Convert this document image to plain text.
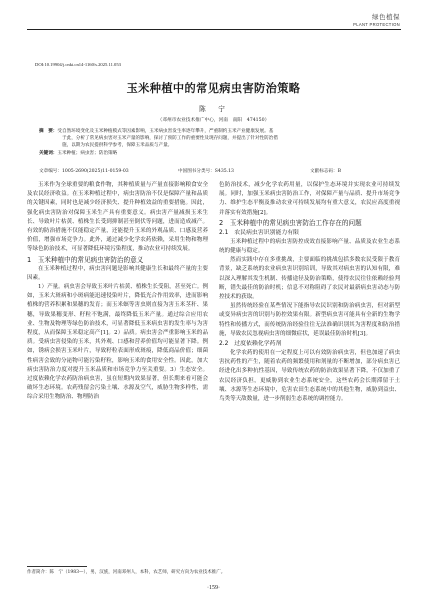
绿色植保
PLANT PROTECTION
DOI:10.19904/j.cnki.cn14-1160/s.2025.11.053
玉米种植中的常见病虫害防治策略
陈　宁
（邓州市农业技术推广中心，河南　南阳　474150）
摘　要：受自然环境变化及玉米种植模式等因素影响，玉米病虫害发生率逐年攀升，严重制约玉米产业健康发展。基
于此，分析了常见病虫害对玉米产量的影响，探讨了预防工作的重要性及现存问题，并提出了针对性防治措
施，以期为农民提供科学参考，保障玉米品质与产量。
关键词：玉米种植；病虫害；防治策略
文章编号：1005-2690(2025)11-0159-03	中国图书分类号：S435.13	文献标志码：B

玉米作为全球重要的粮食作物，其种植质量与产量直接影响粮食安全及农民经济收益。在玉米种植过程中，病虫害防治不仅是保障产量和品质的关键因素，同时也是减少经济损失、提升种植效益的重要措施。因此，强化病虫害防治对保障玉米生产具有重要意义。病虫害产量减损玉米生长、导致叶片枯黄、植株生长受到抑制甚至倒伏等问题，进而造成减产。有效的防治措施不仅能稳定产量，还能提升玉米的外观品质、口感及营养价值，增强市场竞争力。此外，通过减少化学农药依赖，采用生物和物理等绿色防治技术，可显著降低环境污染程度，推动农业可持续发展。

1　玉米种植中的常见病虫害防治的意义

在玉米种植过程中，病虫害问题是影响其健康生长和最终产量的主要因素。

1）产量。病虫害会导致玉米叶片枯黄、植株生长受阻，甚至死亡。例如，玉米大斑病和小斑病能迅速侵染叶片，降低光合作用效率，进而影响植株的营养积累和果穗的发育；而玉米螟等害虫则直接为害玉米茎秆、果穗，导致果穗变形、籽粒不饱满，最终降低玉米产量。通过综合应用农业、生物及物理等绿色防治技术，可显著降低玉米病虫害的发生率与为害程度，从而保障玉米稳定高产[1]。2）品质。病虫害会严重影响玉米的品质。受病虫害侵染的玉米，其外观、口感和营养价值均可能显著下降。例如，锈病会损害玉米叶片，导致籽粒表面形成斑痕，降低商品价值；细菌性病害会致的分泌物可能污染籽粒，影响玉米的食用安全性。因此，加大病虫害防治力度对提升玉米品质和市场竞争力至关重要。3）生态安全。过度依赖化学农药防治病虫害，虽在短期内效果显著，但长期来看可能会破坏生态环境。农药残留会污染土壤、水源及空气，威胁生物多样性，需综合采用生物防治、物理防治

色防治技术，减少化学农药用量，以保护生态环境并实现农业可持续发展。同时，加强玉米病虫害防治工作，对保障产量与品质、提升市场竞争力、维护生态平衡及推动农业可持续发展均有重大意义，农民应高度重视并落实有效措施[2]。

2　玉米种植中的常见病虫害防治工作存在的问题

2.1　农民病虫害识别能力有限

玉米种植过程中的病虫害防控成效直接影响产量、品质及农业生态系统的健康与稳定。

然而实践中存在多重挑战，主要面临的挑战包括多数农民受限于教育背景，缺乏系统的农业病虫害识别培训，导致其对病虫害的认知有限，难以深入理解其发生机制、传播途径及防治策略，使得农民往往依赖经验判断，错失最佳的防治时机；信息不对称阻碍了农民对最新病虫害动态与防控技术的获取。

虽然传统经验在某些情况下能指导农民识别和防治病虫害，但对新型或变异病虫害的识别与防控效果有限。新型病虫害可能具有全新的生物学特性和传播方式，而传统防治经验往往无法准确识别其为害程度和防治措施，导致农民忽视病虫害的细微症状，延误最佳防治时机[3]。

2.2　过度依赖化学药剂

化学农药的使用在一定程度上可以有效防治病虫害，但也加速了病虫害抗药性的产生，随着农药的频繁使用和剂量的不断增加，部分病虫害已经进化出多种抗性基因，导致传统农药的防治效果显著下降，不仅加重了农民经济负担，更威胁到农业生态系统安全，这些农药会长期滞留于土壤、水源等生态环境中，危害农田生态系统中的其他生物，威胁到益虫、鸟类等天敌数量，进一步削弱生态系统的调控能力。

作者简介：陈　宁（1983—），男，汉族，河南邓州人，本科，农艺师，研究方向为农业技术推广。
·159·
